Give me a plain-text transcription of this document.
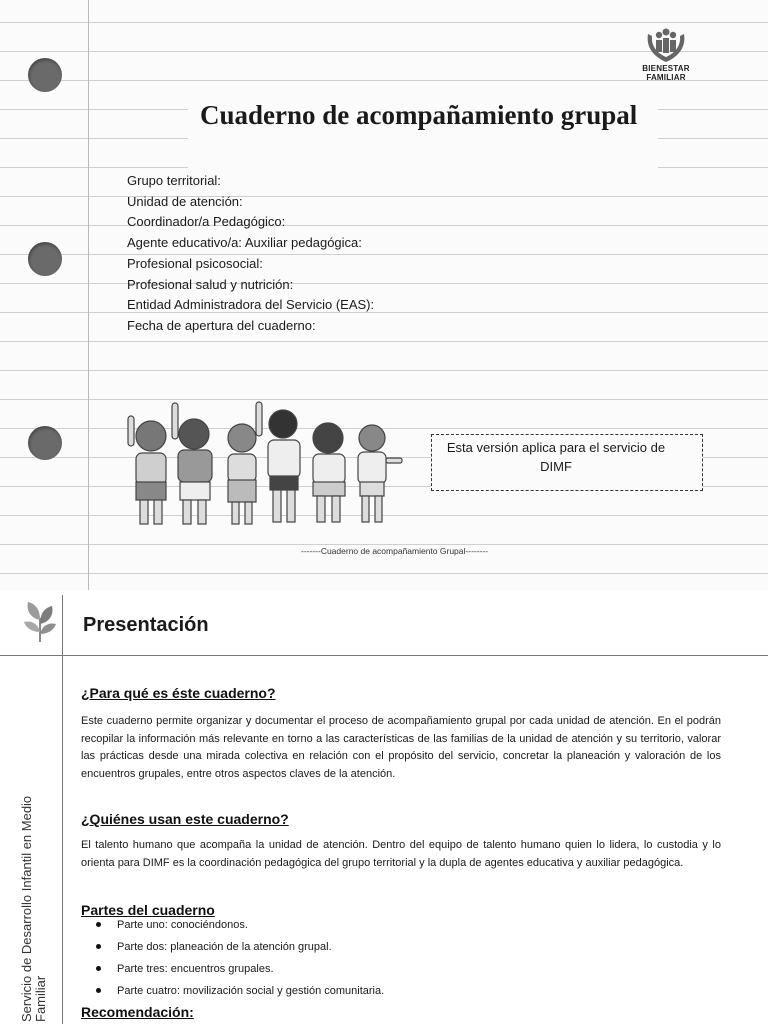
BIENESTAR
FAMILIAR
Cuaderno de acompañamiento grupal
Grupo territorial:
Unidad de atención:
Coordinador/a Pedagógico:
Agente educativo/a: Auxiliar pedagógica:
Profesional psicosocial:
Profesional salud y nutrición:
Entidad Administradora del Servicio (EAS):
Fecha de apertura del cuaderno:
Esta versión aplica para el servicio de DIMF
-------Cuaderno de acompañamiento Grupal--------
Presentación
Servicio de Desarrollo Infantil en Medio Familiar
¿Para qué es éste cuaderno?

Este cuaderno permite organizar y documentar el proceso de acompañamiento grupal por cada unidad de atención. En el podrán recopilar la información más relevante en torno a las características de las familias de la unidad de atención y su territorio, valorar las prácticas desde una mirada colectiva en relación con el propósito del servicio, concretar la planeación y valoración de los encuentros grupales, entre otros aspectos claves de la atención.

¿Quiénes usan este cuaderno?

El talento humano que acompaña la unidad de atención. Dentro del equipo de talento humano quien lo lidera, lo custodia y lo orienta para DIMF es la coordinación pedagógica del grupo territorial y la dupla de agentes educativa y auxiliar pedagógica.

Partes del cuaderno
Parte uno: conociéndonos.
Parte dos: planeación de la atención grupal.
Parte tres: encuentros grupales.
Parte cuatro: movilización social y gestión comunitaria.
Recomendación:
